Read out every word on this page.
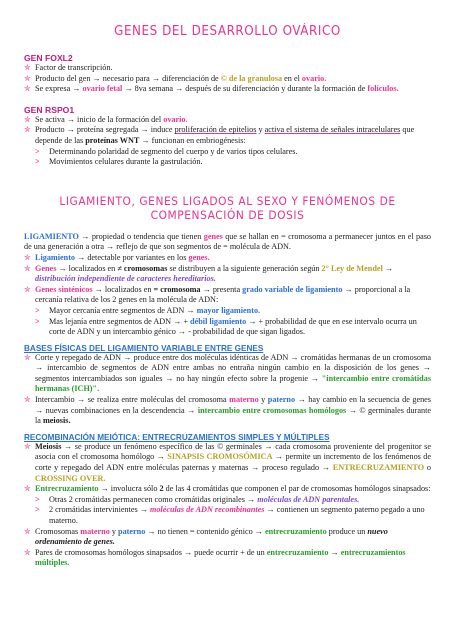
GENES DEL DESARROLLO OVÁRICO

GEN FOXL2

✮ Factor de transcripción.
✮ Producto del gen → necesario para → diferenciación de © de la granulosa en el ovario.
✮ Se expresa → ovario fetal → 8va semana → después de su diferenciación y durante la formación de folículos.

GEN RSPO1

✮ Se activa → inicio de la formación del ovario.
✮ Producto → proteína segregada → induce proliferación de epitelios y activa el sistema de señales intracelulares que depende de las proteínas WNT → funcionan en embriogénesis:
>	Determinando polaridad de segmento del cuerpo y de varios tipos celulares.
>	Movimientos celulares durante la gastrulación.
LIGAMIENTO, GENES LIGADOS AL SEXO Y FENÓMENOS DE COMPENSACIÓN DE DOSIS

LIGAMIENTO → propiedad o tendencia que tienen genes que se hallan en = cromosoma a permanecer juntos en el paso de una generación a otra → reflejo de que son segmentos de = molécula de ADN.

✮ Ligamiento → detectable por variantes en los genes.
✮ Genes → localizados en ≠ cromosomas se distribuyen a la siguiente generación según 2° Ley de Mendel → distribución independiente de caracteres hereditarios.
✮ Genes sinténicos → localizados en = cromosoma → presenta grado variable de ligamiento → proporcional a la cercanía relativa de los 2 genes en la molécula de ADN:
>	Mayor cercanía entre segmentos de ADN → mayor ligamiento.
>	Mas lejanía entre segmentos de ADN → + débil ligamiento → + probabilidad de que en ese intervalo ocurra un corte de ADN y un intercambio génico → - probabilidad de que sigan ligados.

BASES FÍSICAS DEL LIGAMIENTO VARIABLE ENTRE GENES

✮ Corte y repegado de ADN → produce entre dos moléculas idénticas de ADN → cromátidas hermanas de un cromosoma → intercambio de segmentos de ADN entre ambas no entraña ningún cambio en la disposición de los genes → segmentos intercambiados son iguales → no hay ningún efecto sobre la progenie → "intercambio entre cromátidas hermanas (ICH)".
✮ Intercambio → se realiza entre moléculas del cromosoma materno y paterno → hay cambio en la secuencia de genes → nuevas combinaciones en la descendencia → intercambio entre cromosomas homólogos → © germinales durante la meiosis.

RECOMBINACIÓN MEIÓTICA: ENTRECRUZAMIENTOS SIMPLES Y MÚLTIPLES

✮ Meiosis → se produce un fenómeno específico de las © germinales → cada cromosoma proveniente del progenitor se asocia con el cromosoma homólogo → SINAPSIS CROMOSÓMICA → permite un incremento de los fenómenos de corte y repegado del ADN entre moléculas paternas y maternas → proceso regulado → ENTRECRUZAMIENTO o CROSSING OVER.
✮ Entrecruzamiento → involucra sólo 2 de las 4 cromátidas que componen el par de cromosomas homólogos sinapsados:
>	Otras 2 cromátidas permanecen como cromátidas originales → moléculas de ADN parentales.
>	2 cromátidas intervinientes → moléculas de ADN recombinantes → contienen un segmento paterno pegado a uno materno.
✮ Cromosomas materno y paterno → no tienen = contenido génico → entrecruzamiento produce un nuevo ordenamiento de genes.
✮ Pares de cromosomas homólogos sinapsados → puede ocurrir + de un entrecruzamiento → entrecruzamientos múltiples.
